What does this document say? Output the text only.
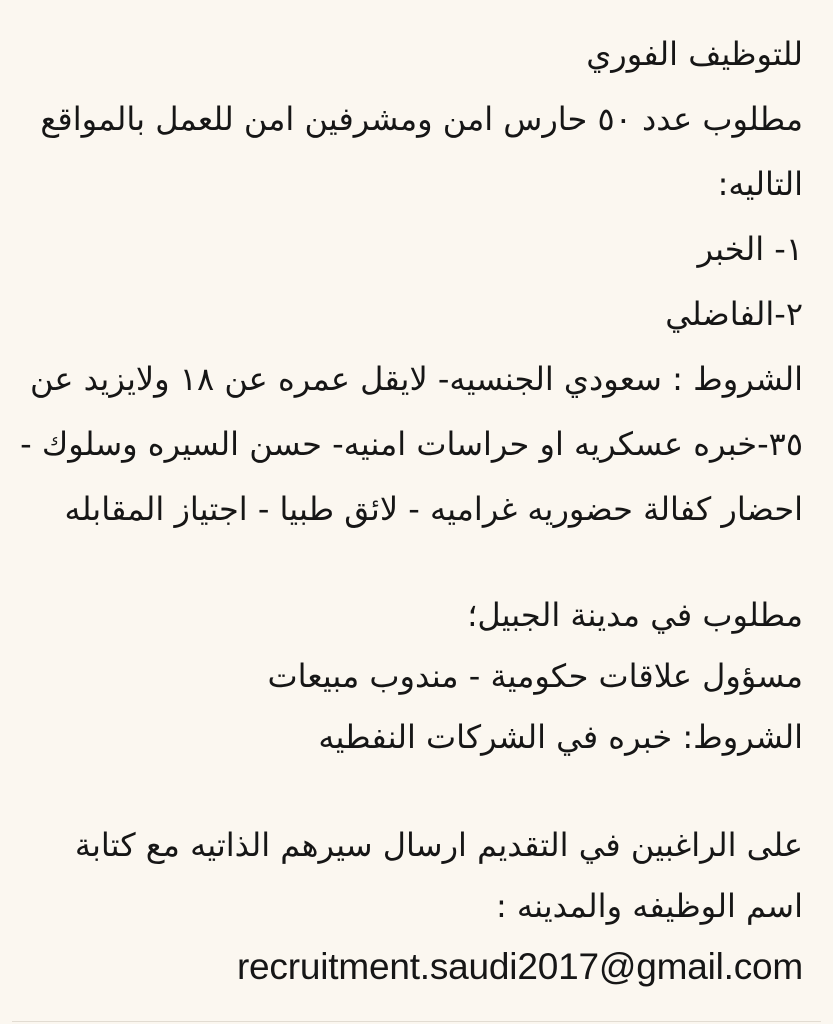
للتوظيف الفوري
مطلوب عدد ٥٠ حارس امن ومشرفين امن للعمل بالمواقع
التاليه:
١- الخبر
٢-الفاضلي
الشروط : سعودي الجنسيه- لايقل عمره عن ١٨ ولايزيد عن
٣٥-خبره عسكريه او حراسات امنيه- حسن السيره وسلوك -
احضار كفالة حضوريه غراميه - لائق طبيا - اجتياز المقابله
مطلوب في مدينة الجبيل؛
مسؤول علاقات حكومية - مندوب مبيعات
الشروط: خبره في الشركات النفطيه
على الراغبين في التقديم ارسال سيرهم الذاتيه مع كتابة
اسم الوظيفه والمدينه :
recruitment.saudi2017@gmail.com
